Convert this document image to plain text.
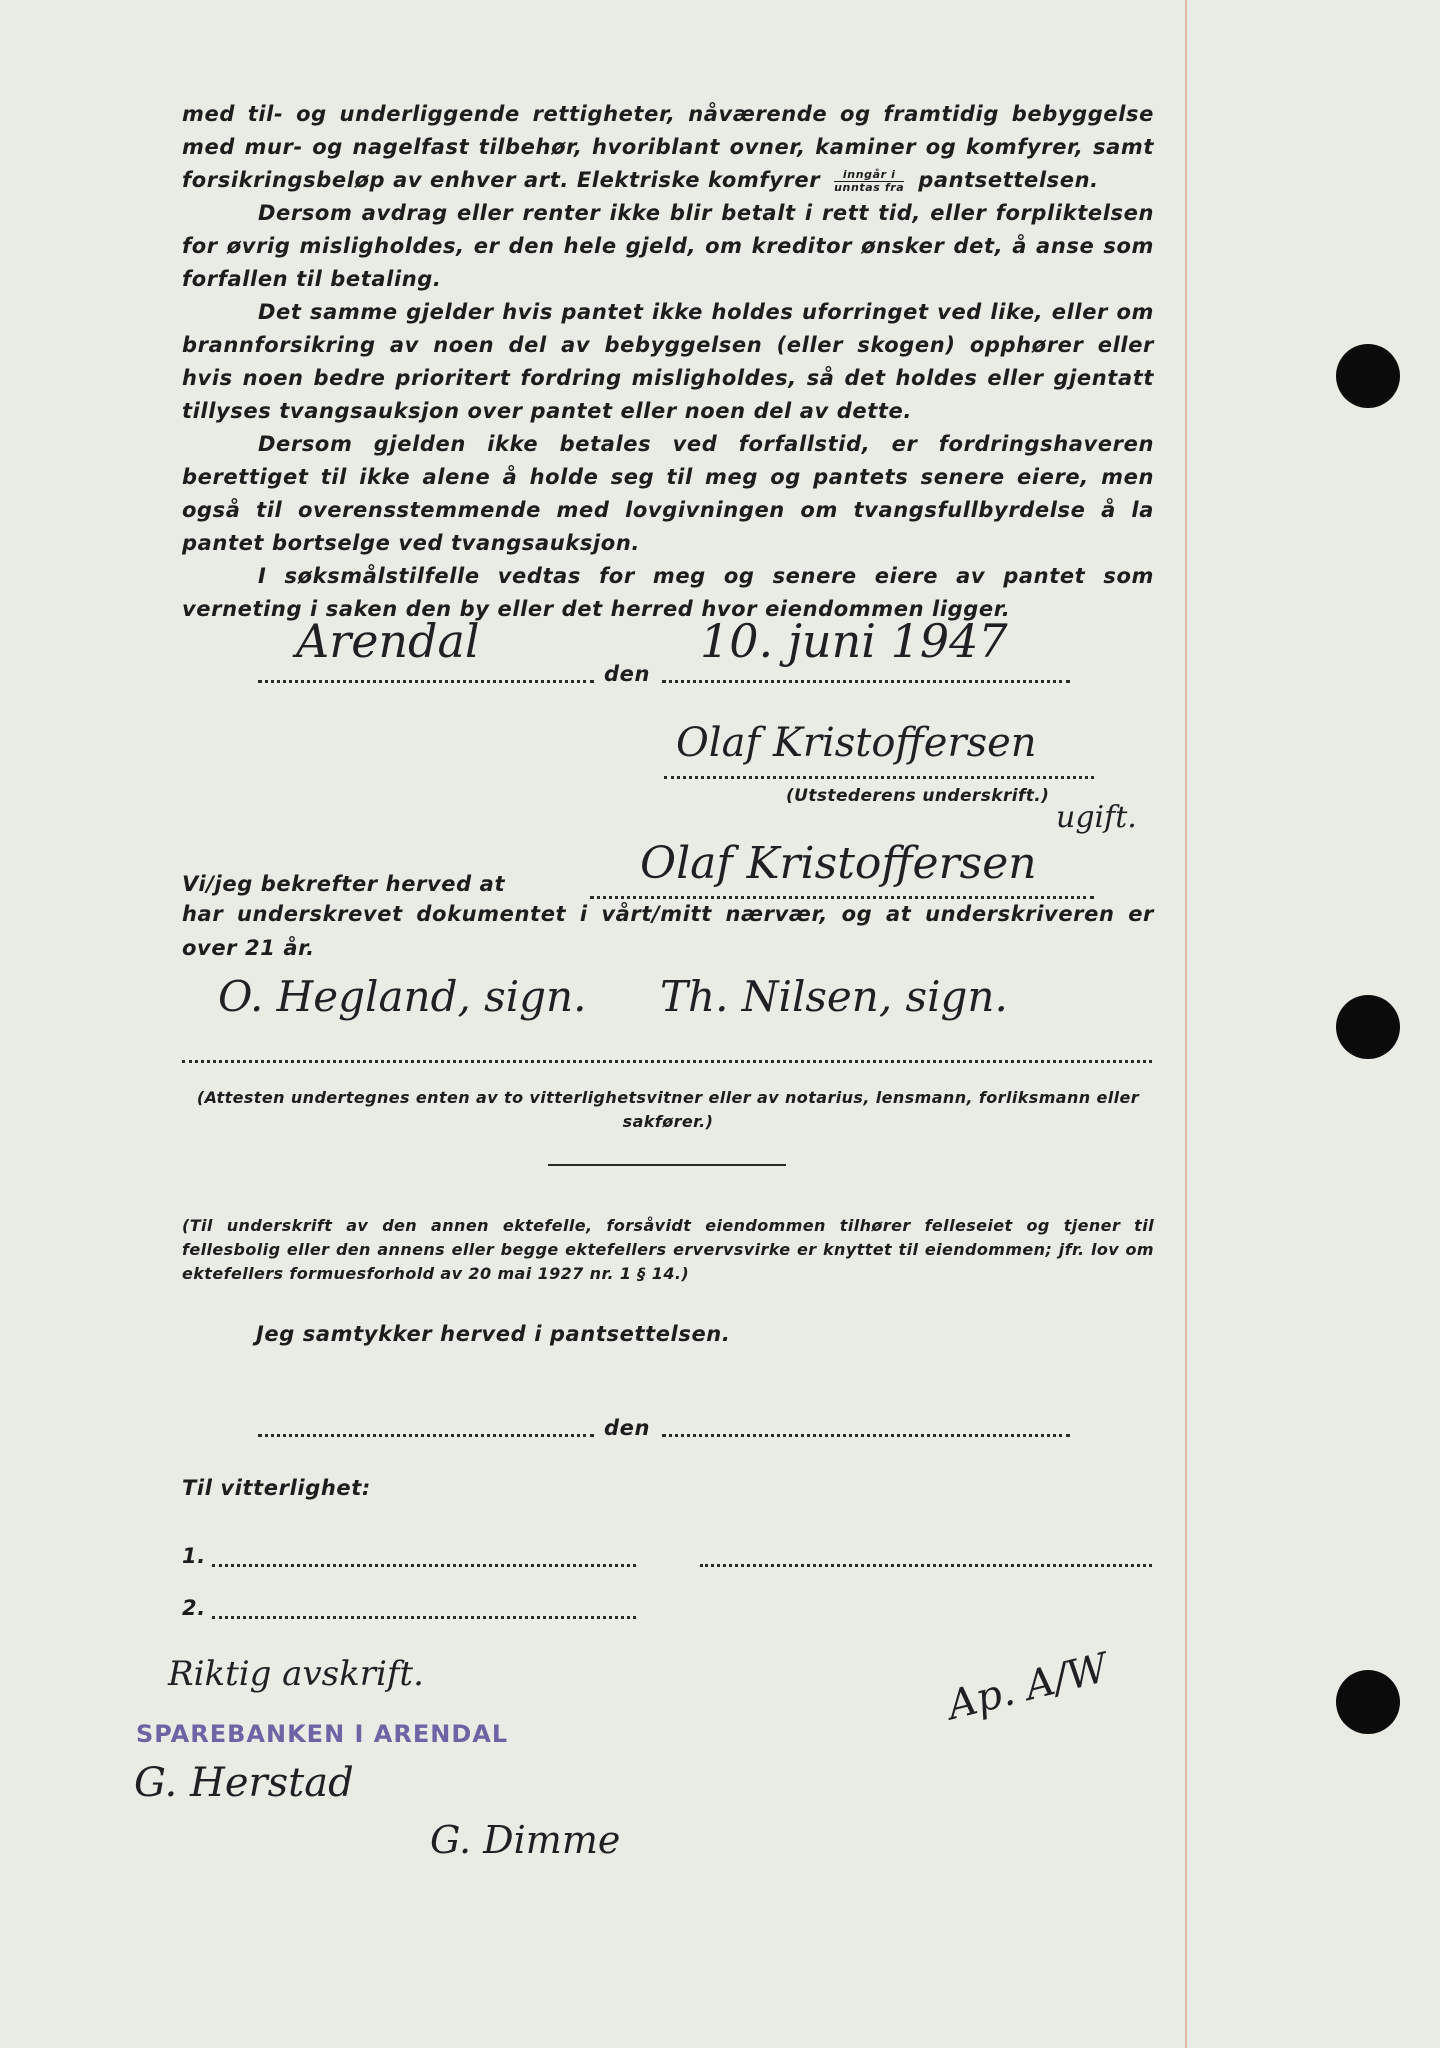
med til- og underliggende rettigheter, nåværende og framtidig bebyggelse med mur- og nagelfast tilbehør, hvoriblant ovner, kaminer og komfyrer, samt forsikringsbeløp av enhver art. Elektriske komfyrer $\frac{\text{inngår i}}{\text{unntas fra}}$ pantsettelsen.

Dersom avdrag eller renter ikke blir betalt i rett tid, eller forpliktelsen for øvrig misligholdes, er den hele gjeld, om kreditor ønsker det, å anse som forfallen til betaling.

Det samme gjelder hvis pantet ikke holdes uforringet ved like, eller om brannforsikring av noen del av bebyggelsen (eller skogen) opphører eller hvis noen bedre prioritert fordring misligholdes, så det holdes eller gjentatt tillyses tvangsauksjon over pantet eller noen del av dette.

Dersom gjelden ikke betales ved forfallstid, er fordringshaveren berettiget til ikke alene å holde seg til meg og pantets senere eiere, men også til overensstemmende med lovgivningen om tvangsfullbyrdelse å la pantet bortselge ved tvangsauksjon.

I søksmålstilfelle vedtas for meg og senere eiere av pantet som verneting i saken den by eller det herred hvor eiendommen ligger.

Arendal
den
10. juni 1947
Olaf Kristoffersen
(Utstederens underskrift.)
ugift.
Vi/jeg bekrefter herved at	Olaf Kristoffersen
har underskrevet dokumentet i vårt/mitt nærvær, og at underskriveren er
over 21 år.
O. Hegland, sign. Th. Nilsen, sign.
(Attesten undertegnes enten av to vitterlighetsvitner eller av notarius, lensmann, forliksmann eller sakfører.)
(Til underskrift av den annen ektefelle, forsåvidt eiendommen tilhører felleseiet og tjener til fellesbolig eller den annens eller begge ektefellers ervervsvirke er knyttet til eiendommen; jfr. lov om ektefellers formuesforhold av 20 mai 1927 nr. 1 § 14.)
Jeg samtykker herved i pantsettelsen.
den
Til vitterlighet:
1.
2.
Riktig avskrift.
SPAREBANKEN I ARENDAL
G. Herstad
G. Dimme
Ap. A/W
